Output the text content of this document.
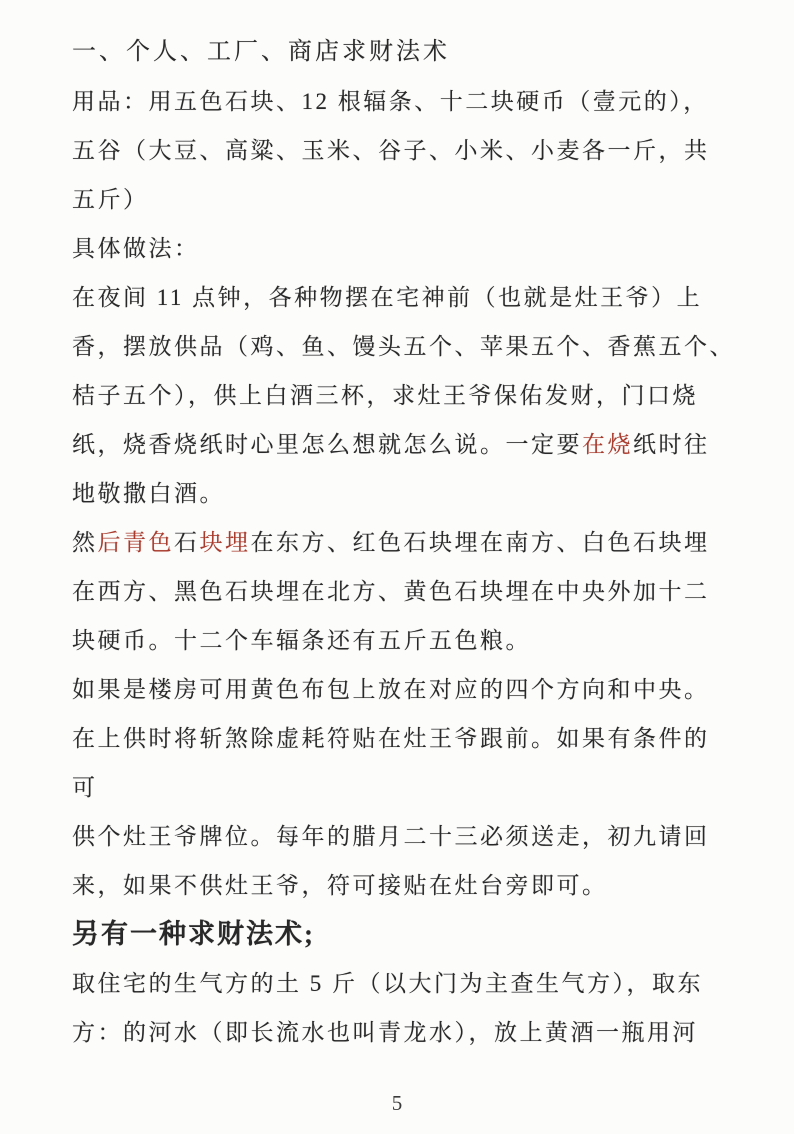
一、个人、工厂、商店求财法术

用品：用五色石块、12 根辐条、十二块硬币（壹元的），

五谷（大豆、高粱、玉米、谷子、小米、小麦各一斤，共

五斤）

具体做法：

在夜间 11 点钟，各种物摆在宅神前（也就是灶王爷）上

香，摆放供品（鸡、鱼、馒头五个、苹果五个、香蕉五个、

桔子五个），供上白酒三杯，求灶王爷保佑发财，门口烧

纸，烧香烧纸时心里怎么想就怎么说。一定要在烧纸时往

地敬撒白酒。

然后青色石块埋在东方、红色石块埋在南方、白色石块埋

在西方、黑色石块埋在北方、黄色石块埋在中央外加十二

块硬币。十二个车辐条还有五斤五色粮。

如果是楼房可用黄色布包上放在对应的四个方向和中央。

在上供时将斩煞除虚耗符贴在灶王爷跟前。如果有条件的

可

供个灶王爷牌位。每年的腊月二十三必须送走，初九请回

来，如果不供灶王爷，符可接贴在灶台旁即可。

另有一种求财法术;

取住宅的生气方的土 5 斤（以大门为主查生气方），取东

方：的河水（即长流水也叫青龙水），放上黄酒一瓶用河

5
